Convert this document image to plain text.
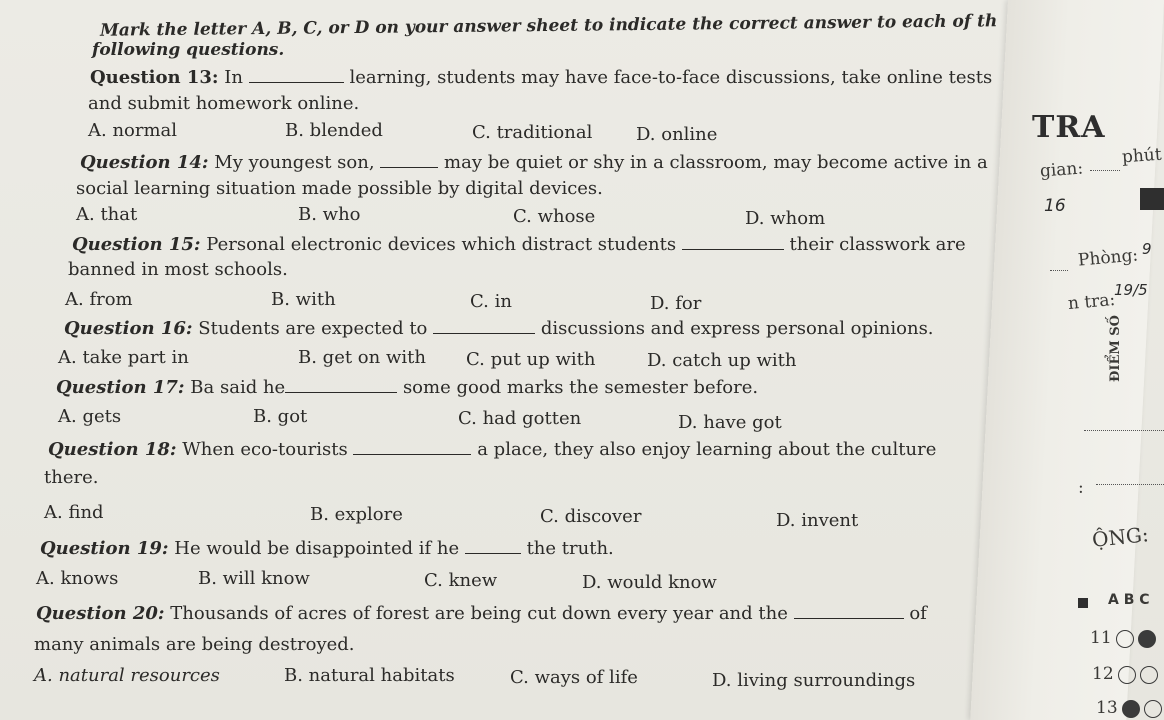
TRA
gian:
phút
16
Phòng: 9
n tra:
19/5
ĐIỂM SỐ
:
ỘNG:
A B C
11
12
13
Mark the letter A, B, C, or D on your answer sheet to indicate the correct answer to each of th
following questions.
Question 13: In	learning, students may have face-to-face discussions, take online tests
and submit homework online.
A. normal	B. blended	C. traditional D. online
Question 14: My youngest son,	may be quiet or shy in a classroom, may become active in a
social learning situation made possible by digital devices.
A. that	B. who	C. whose	D. whom
Question 15: Personal electronic devices which distract students	their classwork are
banned in most schools.
A. from	B. with	C. in	D. for
Question 16: Students are expected to	discussions and express personal opinions.
A. take part in	B. get on with C. put up with	D. catch up with
Question 17: Ba said he	some good marks the semester before.
A. gets	B. got	C. had gotten	D. have got
Question 18: When eco-tourists	a place, they also enjoy learning about the culture
there.
A. find	B. explore	C. discover	D. invent
Question 19: He would be disappointed if he	the truth.
A. knows	B. will know	C. knew	D. would know
Question 20: Thousands of acres of forest are being cut down every year and the	of
many animals are being destroyed.
A. natural resources	B. natural habitats	C. ways of life	D. living surroundings
